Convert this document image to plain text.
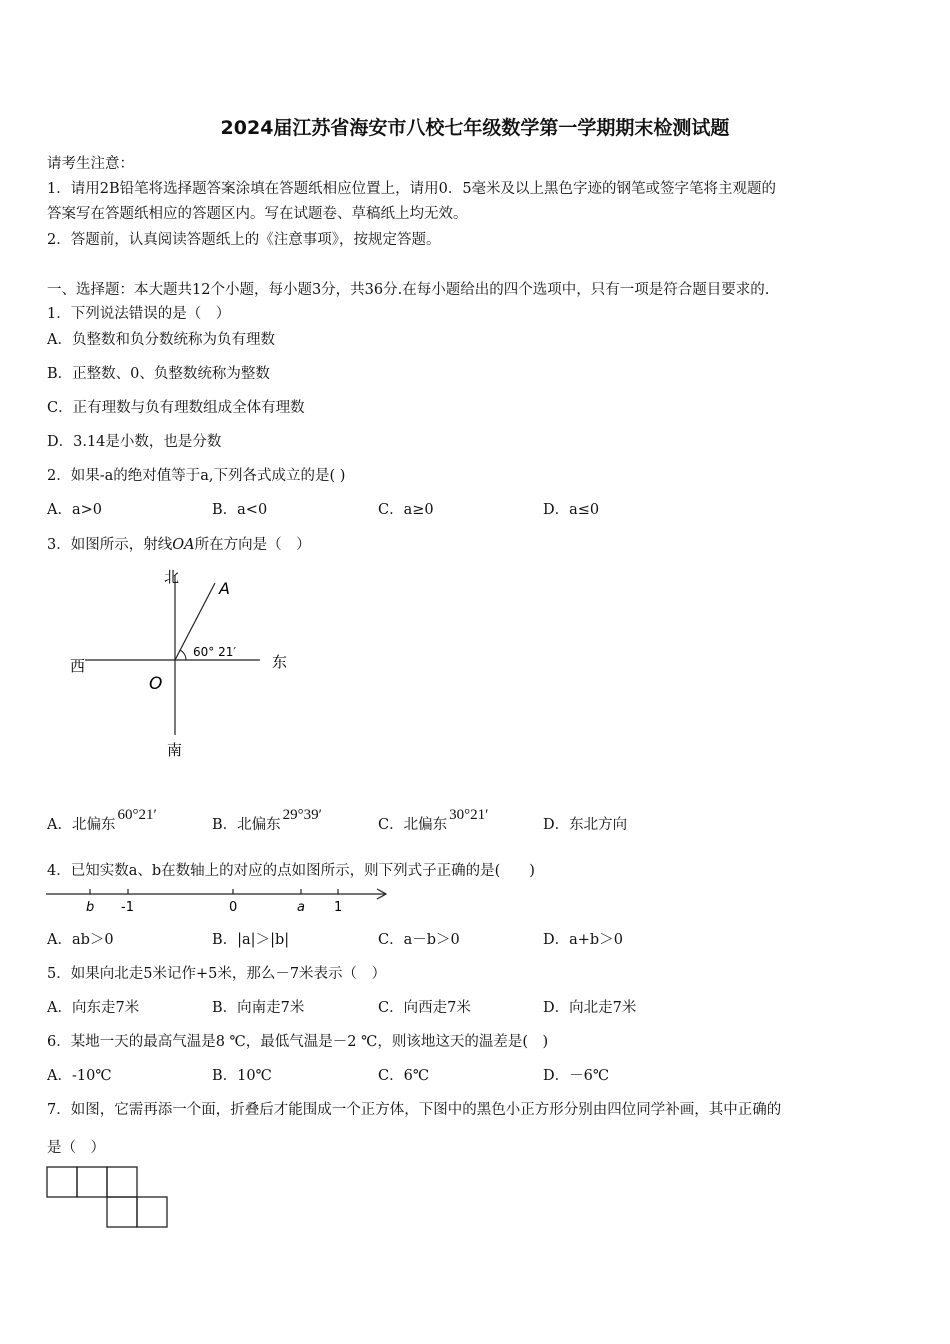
2024届江苏省海安市八校七年级数学第一学期期末检测试题
请考生注意：
1．请用2B铅笔将选择题答案涂填在答题纸相应位置上，请用0．5毫米及以上黑色字迹的钢笔或签字笔将主观题的
答案写在答题纸相应的答题区内。写在试题卷、草稿纸上均无效。
2．答题前，认真阅读答题纸上的《注意事项》，按规定答题。
一、选择题：本大题共12个小题，每小题3分，共36分.在每小题给出的四个选项中，只有一项是符合题目要求的.
1．下列说法错误的是（　）
A．负整数和负分数统称为负有理数
B．正整数、0、负整数统称为整数
C．正有理数与负有理数组成全体有理数
D．3.14是小数，也是分数
2．如果-a的绝对值等于a,下列各式成立的是( )
A．a>0	B．a<0	C．a≥0	D．a≤0
3．如图所示，射线OA所在方向是（　）
北
南
东
西
O
A
60° 21′
A．北偏东60°21′
B．北偏东29°39′
C．北偏东30°21′
D．东北方向
4．已知实数a、b在数轴上的对应的点如图所示，则下列式子正确的是(　　)
b -1	0	a 1
A．ab＞0	B．|a|＞|b|	C．a－b＞0	D．a+b＞0
5．如果向北走5米记作+5米，那么－7米表示（　）
A．向东走7米	B．向南走7米	C．向西走7米	D．向北走7米
6．某地一天的最高气温是8 ℃，最低气温是－2 ℃，则该地这天的温差是(　)
A．-10℃	B．10℃	C．6℃	D．－6℃
7．如图，它需再添一个面，折叠后才能围成一个正方体，下图中的黑色小正方形分别由四位同学补画，其中正确的
是（　）
